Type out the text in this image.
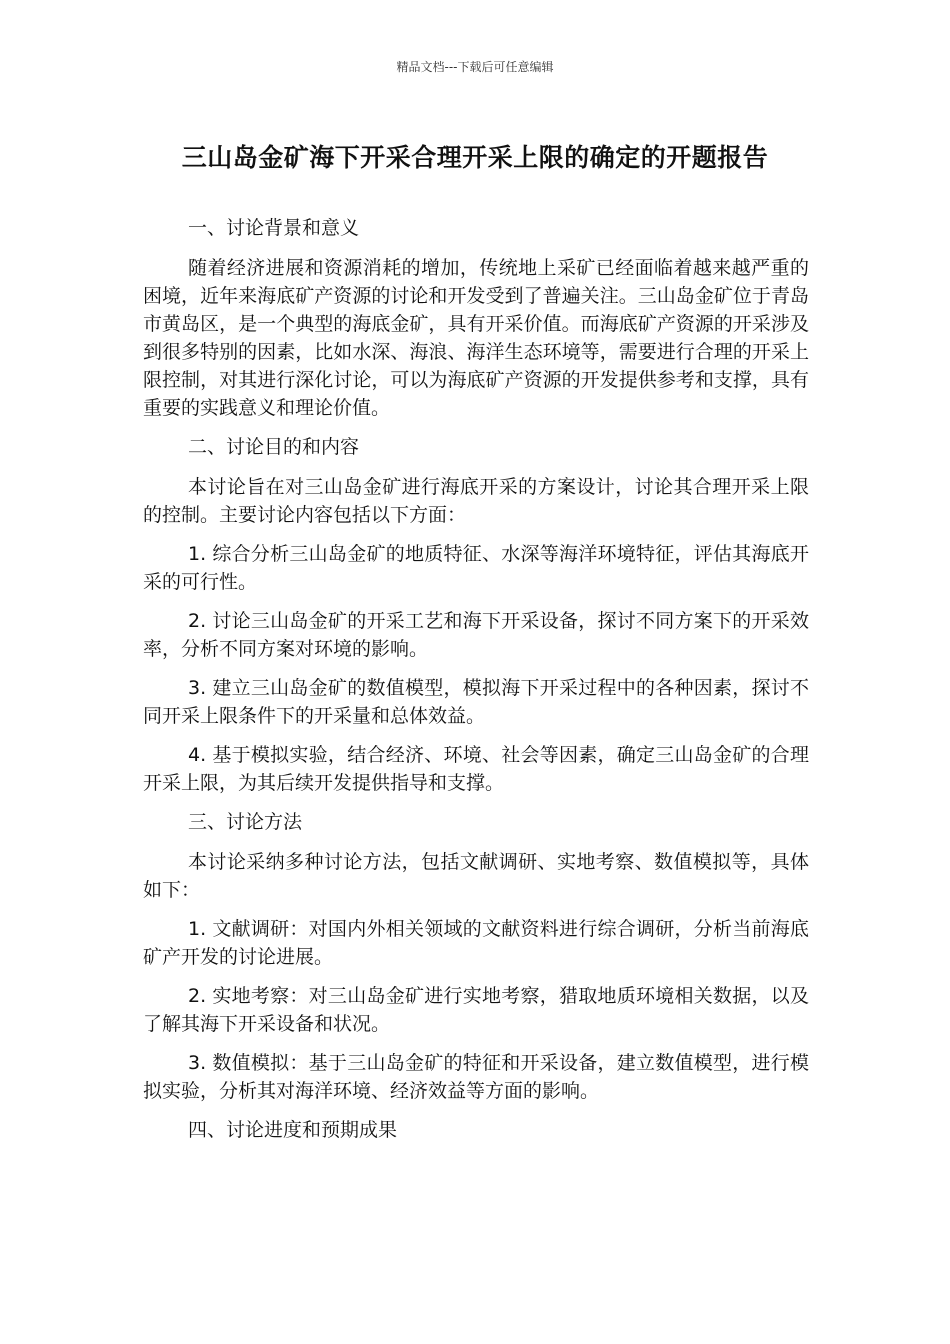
精品文档---下载后可任意编辑
三山岛金矿海下开采合理开采上限的确定的开题报告

一、讨论背景和意义

随着经济进展和资源消耗的增加，传统地上采矿已经面临着越来越严重的困境，近年来海底矿产资源的讨论和开发受到了普遍关注。三山岛金矿位于青岛市黄岛区，是一个典型的海底金矿，具有开采价值。而海底矿产资源的开采涉及到很多特别的因素，比如水深、海浪、海洋生态环境等，需要进行合理的开采上限控制，对其进行深化讨论，可以为海底矿产资源的开发提供参考和支撑，具有重要的实践意义和理论价值。

二、讨论目的和内容

本讨论旨在对三山岛金矿进行海底开采的方案设计，讨论其合理开采上限的控制。主要讨论内容包括以下方面：

1. 综合分析三山岛金矿的地质特征、水深等海洋环境特征，评估其海底开采的可行性。

2. 讨论三山岛金矿的开采工艺和海下开采设备，探讨不同方案下的开采效率，分析不同方案对环境的影响。

3. 建立三山岛金矿的数值模型，模拟海下开采过程中的各种因素，探讨不同开采上限条件下的开采量和总体效益。

4. 基于模拟实验，结合经济、环境、社会等因素，确定三山岛金矿的合理开采上限，为其后续开发提供指导和支撑。

三、讨论方法

本讨论采纳多种讨论方法，包括文献调研、实地考察、数值模拟等，具体如下：

1. 文献调研：对国内外相关领域的文献资料进行综合调研，分析当前海底矿产开发的讨论进展。

2. 实地考察：对三山岛金矿进行实地考察，猎取地质环境相关数据，以及了解其海下开采设备和状况。

3. 数值模拟：基于三山岛金矿的特征和开采设备，建立数值模型，进行模拟实验，分析其对海洋环境、经济效益等方面的影响。

四、讨论进度和预期成果
